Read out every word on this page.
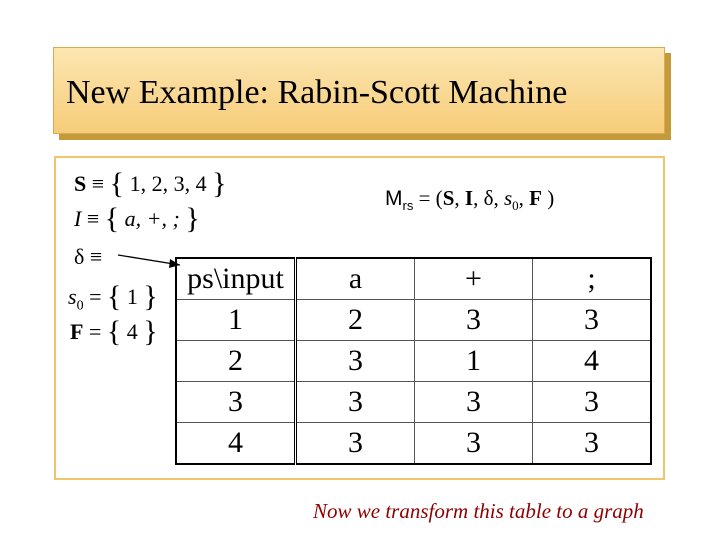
New Example: Rabin-Scott Machine
S ≡ { 1, 2, 3, 4 }
I ≡ { a, +, ; }
δ ≡
$s_0$ = { 1 }
F = { 4 }
$M_{rs} = (S$, I, δ, $s_0$, F )
ps\input	a	+	;
1	2	3	3
2	3	1	4
3	3	3	3
4	3	3	3
Now we transform this table to a graph
